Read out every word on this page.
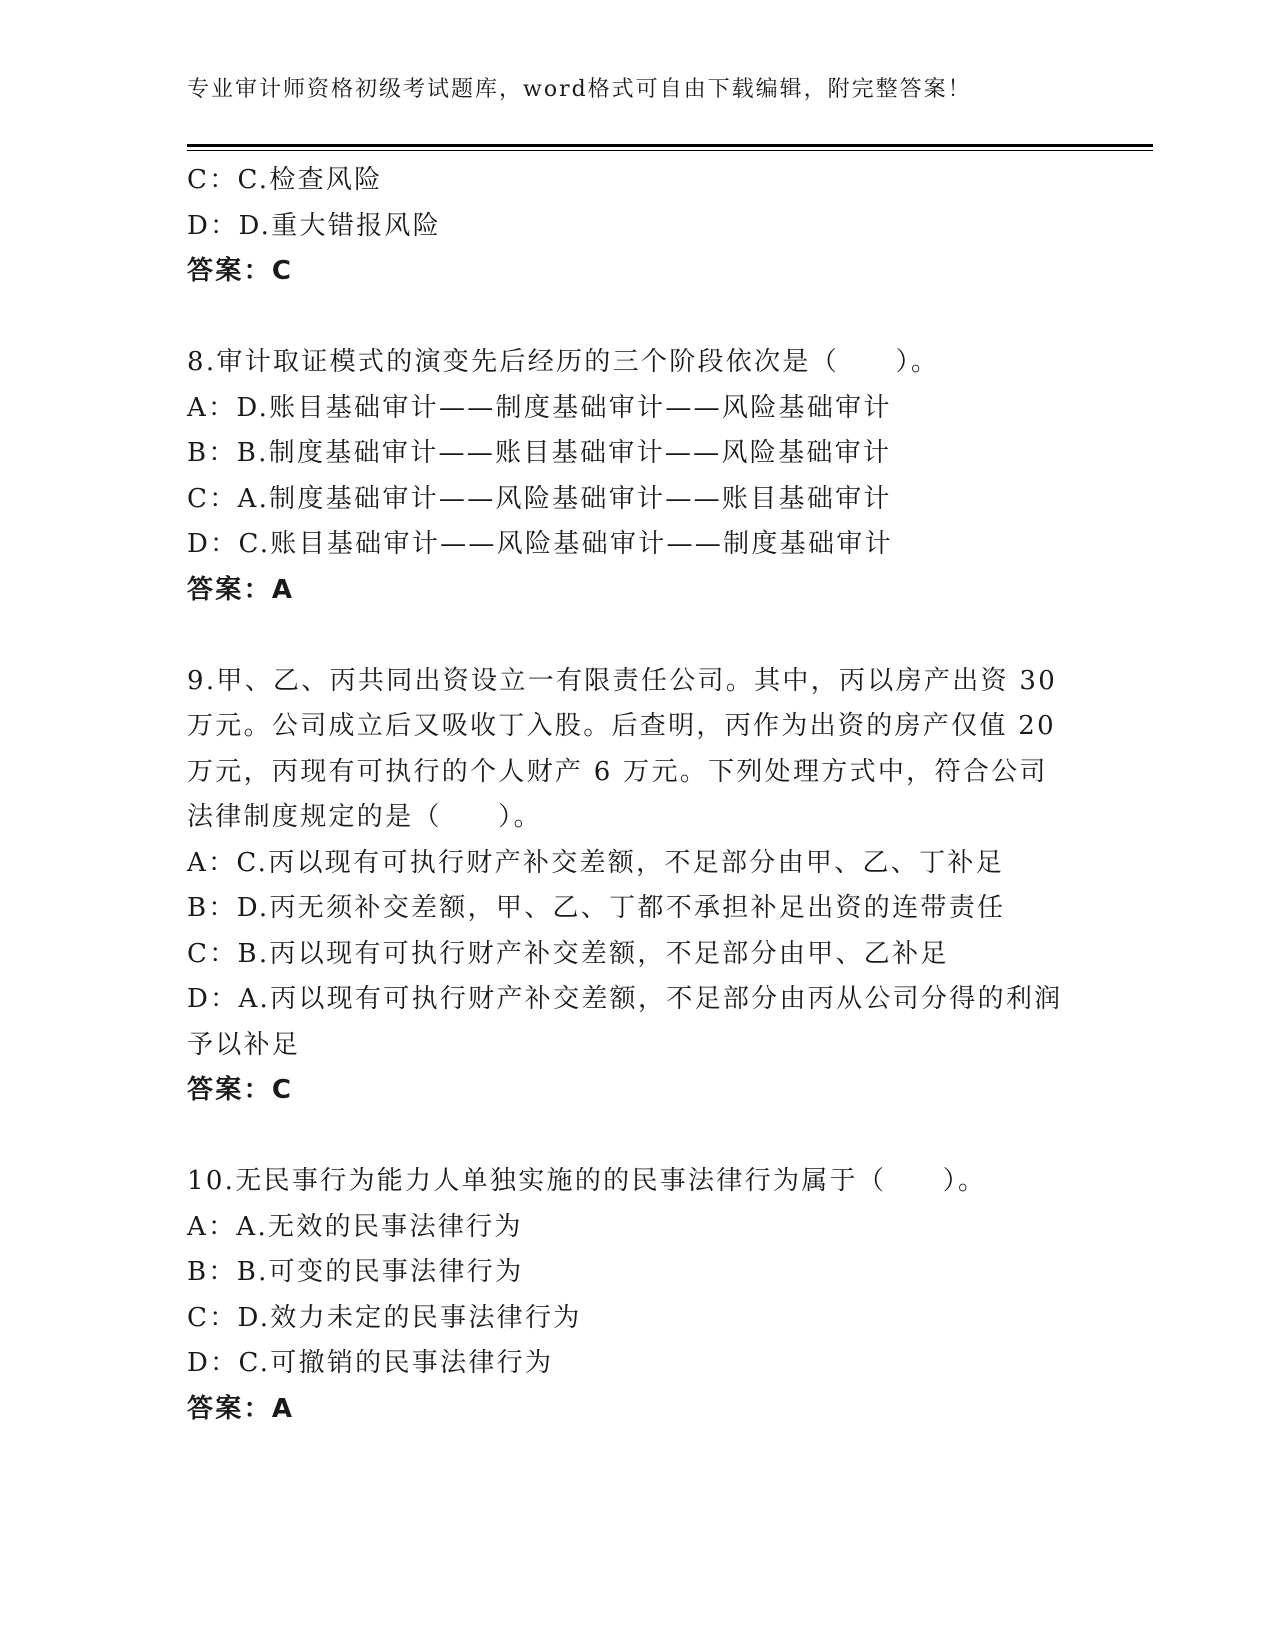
专业审计师资格初级考试题库，word格式可自由下载编辑，附完整答案！
C：C.检查风险
D：D.重大错报风险
答案：C
8.审计取证模式的演变先后经历的三个阶段依次是（　　）。
A：D.账目基础审计——制度基础审计——风险基础审计
B：B.制度基础审计——账目基础审计——风险基础审计
C：A.制度基础审计——风险基础审计——账目基础审计
D：C.账目基础审计——风险基础审计——制度基础审计
答案：A
9.甲、乙、丙共同出资设立一有限责任公司。其中，丙以房产出资 30
万元。公司成立后又吸收丁入股。后查明，丙作为出资的房产仅值 20
万元，丙现有可执行的个人财产 6 万元。下列处理方式中，符合公司
法律制度规定的是（　　）。
A：C.丙以现有可执行财产补交差额，不足部分由甲、乙、丁补足
B：D.丙无须补交差额，甲、乙、丁都不承担补足出资的连带责任
C：B.丙以现有可执行财产补交差额，不足部分由甲、乙补足
D：A.丙以现有可执行财产补交差额，不足部分由丙从公司分得的利润
予以补足
答案：C
10.无民事行为能力人单独实施的的民事法律行为属于（　　）。
A：A.无效的民事法律行为
B：B.可变的民事法律行为
C：D.效力未定的民事法律行为
D：C.可撤销的民事法律行为
答案：A
